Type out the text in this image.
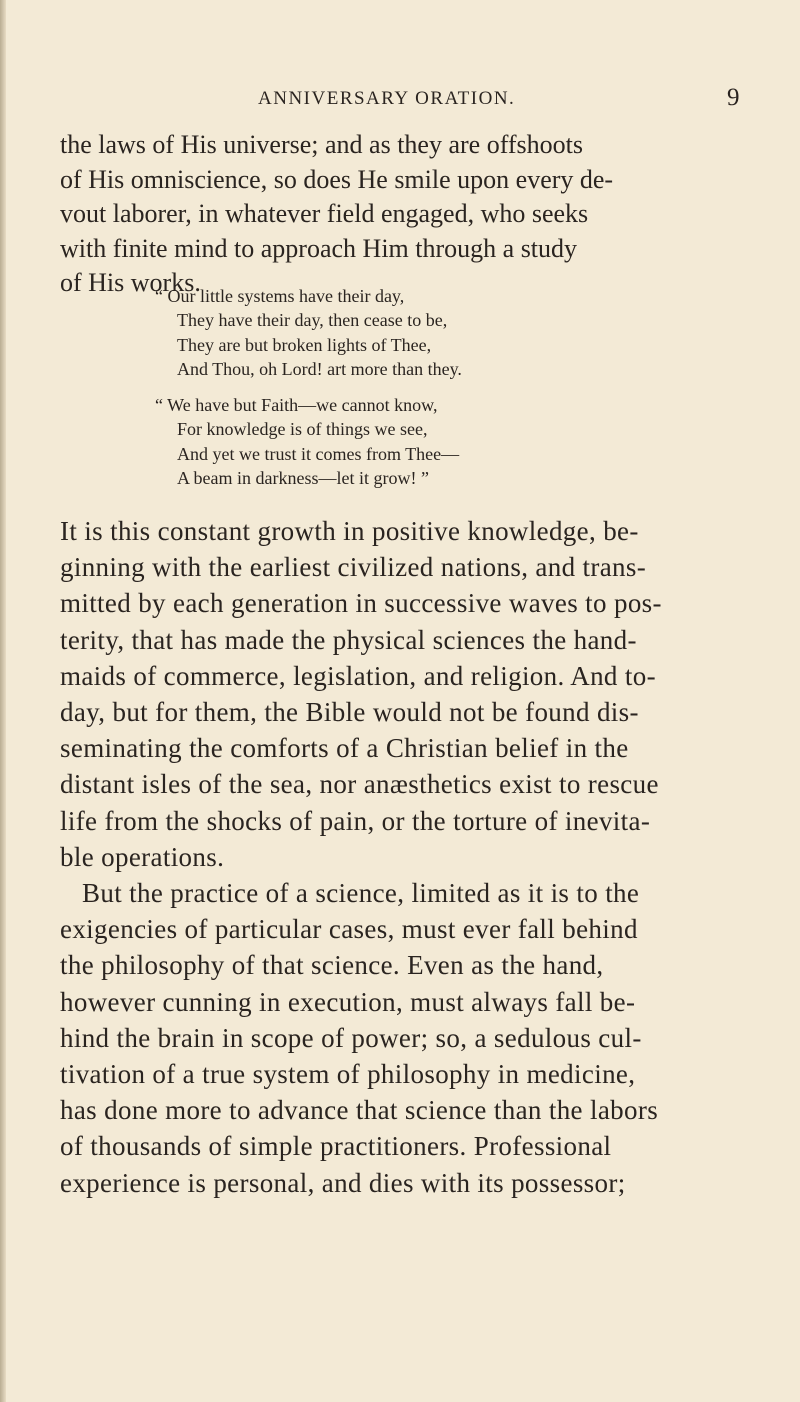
ANNIVERSARY ORATION.	9
the laws of His universe; and as they are offshoots
of His omniscience, so does He smile upon every de-
vout laborer, in whatever field engaged, who seeks
with finite mind to approach Him through a study
of His works.
“ Our little systems have their day,
They have their day, then cease to be,
They are but broken lights of Thee,
And Thou, oh Lord! art more than they.
“ We have but Faith—we cannot know,
For knowledge is of things we see,
And yet we trust it comes from Thee—
A beam in darkness—let it grow! ”
It is this constant growth in positive knowledge, be-
ginning with the earliest civilized nations, and trans-
mitted by each generation in successive waves to pos-
terity, that has made the physical sciences the hand-
maids of commerce, legislation, and religion. And to-
day, but for them, the Bible would not be found dis-
seminating the comforts of a Christian belief in the
distant isles of the sea, nor anæsthetics exist to rescue
life from the shocks of pain, or the torture of inevita-
ble operations.
But the practice of a science, limited as it is to the
exigencies of particular cases, must ever fall behind
the philosophy of that science. Even as the hand,
however cunning in execution, must always fall be-
hind the brain in scope of power; so, a sedulous cul-
tivation of a true system of philosophy in medicine,
has done more to advance that science than the labors
of thousands of simple practitioners. Professional
experience is personal, and dies with its possessor;
